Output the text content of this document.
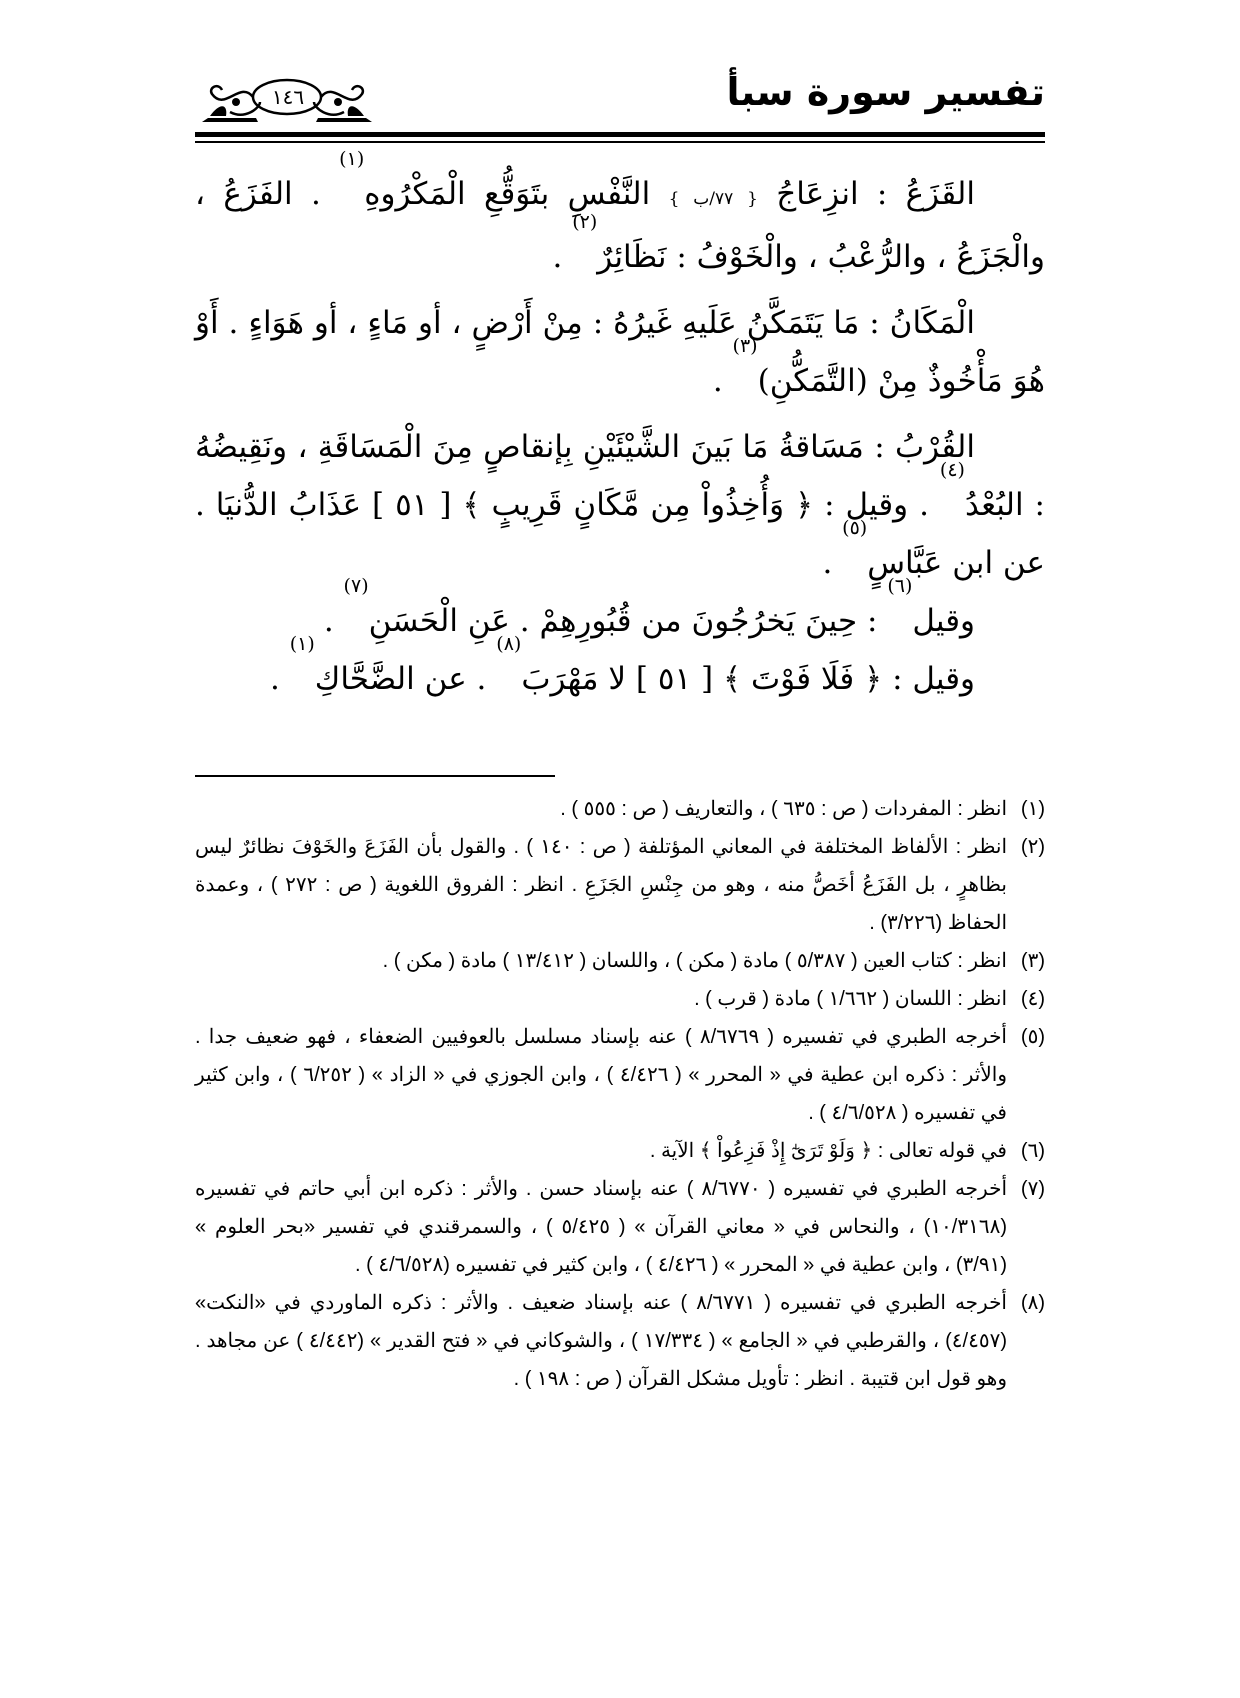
تفسير سورة سبأ
١٤٦

القَزَعُ : انزِعَاجُ { ٧٧/ب } النَّفْسِ بتَوَقُّعِ الْمَكْرُوهِ$^{(١)}$ . الفَزَعُ ، والْجَزَعُ ، والرُّعْبُ ، والْخَوْفُ : نَظَائِرٌ$^{(٢)}$ .

الْمَكَانُ : مَا يَتَمَكَّنُ عَلَيهِ غَيرُهُ : مِنْ أَرْضٍ ، أو مَاءٍ ، أو هَوَاءٍ . أَوْ هُوَ مَأْخُوذٌ مِنْ (التَّمَكُّنِ)$^{(٣)}$ .

القُرْبُ : مَسَاقةُ مَا بَينَ الشَّيْئَيْنِ بِإنقاصٍ مِنَ الْمَسَاقَةِ ، ونَقِيضُهُ : البُعْدُ$^{(٤)}$ . وقيل : ﴿ وَأُخِذُواْ مِن مَّكَانٍ قَرِيبٍ ﴾ [ ٥١ ] عَذَابُ الدُّنيَا . عن ابن عَبَّاسٍ$^{(٥)}$ .

وقيل$^{(٦)}$ : حِينَ يَخرُجُونَ من قُبُورِهِمْ . عَنِ الْحَسَنِ$^{(٧)}$ .

وقيل : ﴿ فَلَا فَوْتَ ﴾ [ ٥١ ] لا مَهْرَبَ$^{(٨)}$ . عن الضَّحَّاكِ$^{(١)}$ .

(١)
انظر : المفردات ( ص : ٦٣٥ ) ، والتعاريف ( ص : ٥٥٥ ) .
(٢)
انظر : الألفاظ المختلفة في المعاني المؤتلفة ( ص : ١٤٠ ) . والقول بأن الفَزَعَ والخَوْفَ نظائرٌ ليس بظاهرٍ ، بل الفَزَعُ أخَصُّ منه ، وهو من جِنْسِ الجَزَعِ . انظر : الفروق اللغوية ( ص : ٢٧٢ ) ، وعمدة الحفاظ (٣/٢٢٦) .
(٣)
انظر : كتاب العين ( ٥/٣٨٧ ) مادة ( مكن ) ، واللسان ( ١٣/٤١٢ ) مادة ( مكن ) .
(٤)
انظر : اللسان ( ١/٦٦٢ ) مادة ( قرب ) .
(٥)
أخرجه الطبري في تفسيره ( ٨/٦٧٦٩ ) عنه بإسناد مسلسل بالعوفيين الضعفاء ، فهو ضعيف جدا . والأثر : ذكره ابن عطية في « المحرر » ( ٤/٤٢٦ ) ، وابن الجوزي في « الزاد » ( ٦/٢٥٢ ) ، وابن كثير في تفسيره ( ٤/٦/٥٢٨ ) .
(٦)
في قوله تعالى : ﴿ وَلَوْ تَرَىٰٓ إِذْ فَزِعُواْ ﴾ الآية .
(٧)
أخرجه الطبري في تفسيره ( ٨/٦٧٧٠ ) عنه بإسناد حسن . والأثر : ذكره ابن أبي حاتم في تفسيره (١٠/٣١٦٨) ، والنحاس في « معاني القرآن » ( ٥/٤٢٥ ) ، والسمرقندي في تفسير «بحر العلوم » (٣/٩١) ، وابن عطية في « المحرر » ( ٤/٤٢٦ ) ، وابن كثير في تفسيره (٤/٦/٥٢٨ ) .
(٨)
أخرجه الطبري في تفسيره ( ٨/٦٧٧١ ) عنه بإسناد ضعيف . والأثر : ذكره الماوردي في «النكت» (٤/٤٥٧) ، والقرطبي في « الجامع » ( ١٧/٣٣٤ ) ، والشوكاني في « فتح القدير » (٤/٤٤٢ ) عن مجاهد . وهو قول ابن قتيبة . انظر : تأويل مشكل القرآن ( ص : ١٩٨ ) .
